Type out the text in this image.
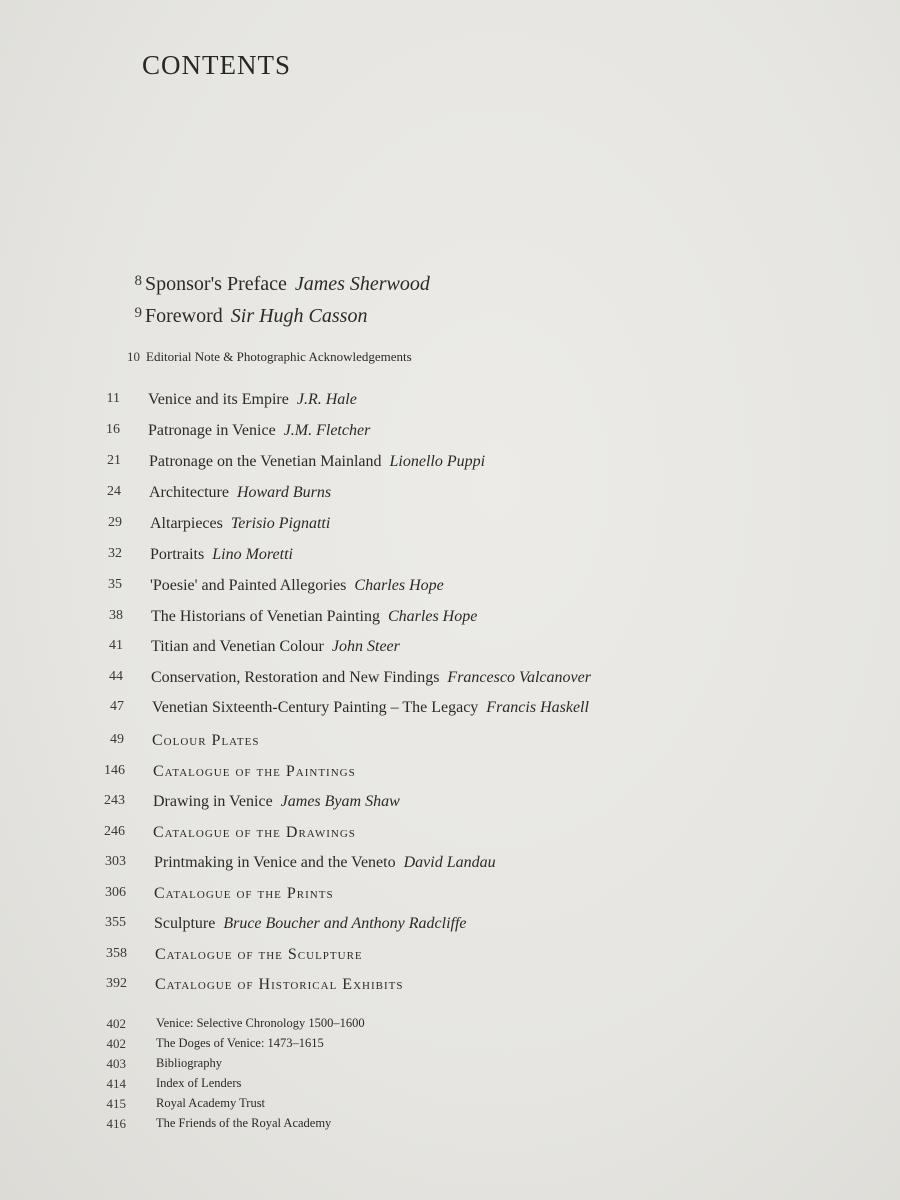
CONTENTS
8 Sponsor's Preface James Sherwood
9 Foreword Sir Hugh Casson
10 Editorial Note & Photographic Acknowledgements
11 Venice and its Empire J.R. Hale
16 Patronage in Venice J.M. Fletcher
21 Patronage on the Venetian Mainland Lionello Puppi
24 Architecture Howard Burns
29 Altarpieces Terisio Pignatti
32 Portraits Lino Moretti
35 'Poesie' and Painted Allegories Charles Hope
38 The Historians of Venetian Painting Charles Hope
41 Titian and Venetian Colour John Steer
44 Conservation, Restoration and New Findings Francesco Valcanover
47 Venetian Sixteenth-Century Painting – The Legacy Francis Haskell
49 Colour Plates
146 Catalogue of the Paintings
243 Drawing in Venice James Byam Shaw
246 Catalogue of the Drawings
303 Printmaking in Venice and the Veneto David Landau
306 Catalogue of the Prints
355 Sculpture Bruce Boucher and Anthony Radcliffe
358 Catalogue of the Sculpture
392 Catalogue of Historical Exhibits
402 Venice: Selective Chronology 1500–1600
402 The Doges of Venice: 1473–1615
403 Bibliography
414 Index of Lenders
415 Royal Academy Trust
416 The Friends of the Royal Academy
